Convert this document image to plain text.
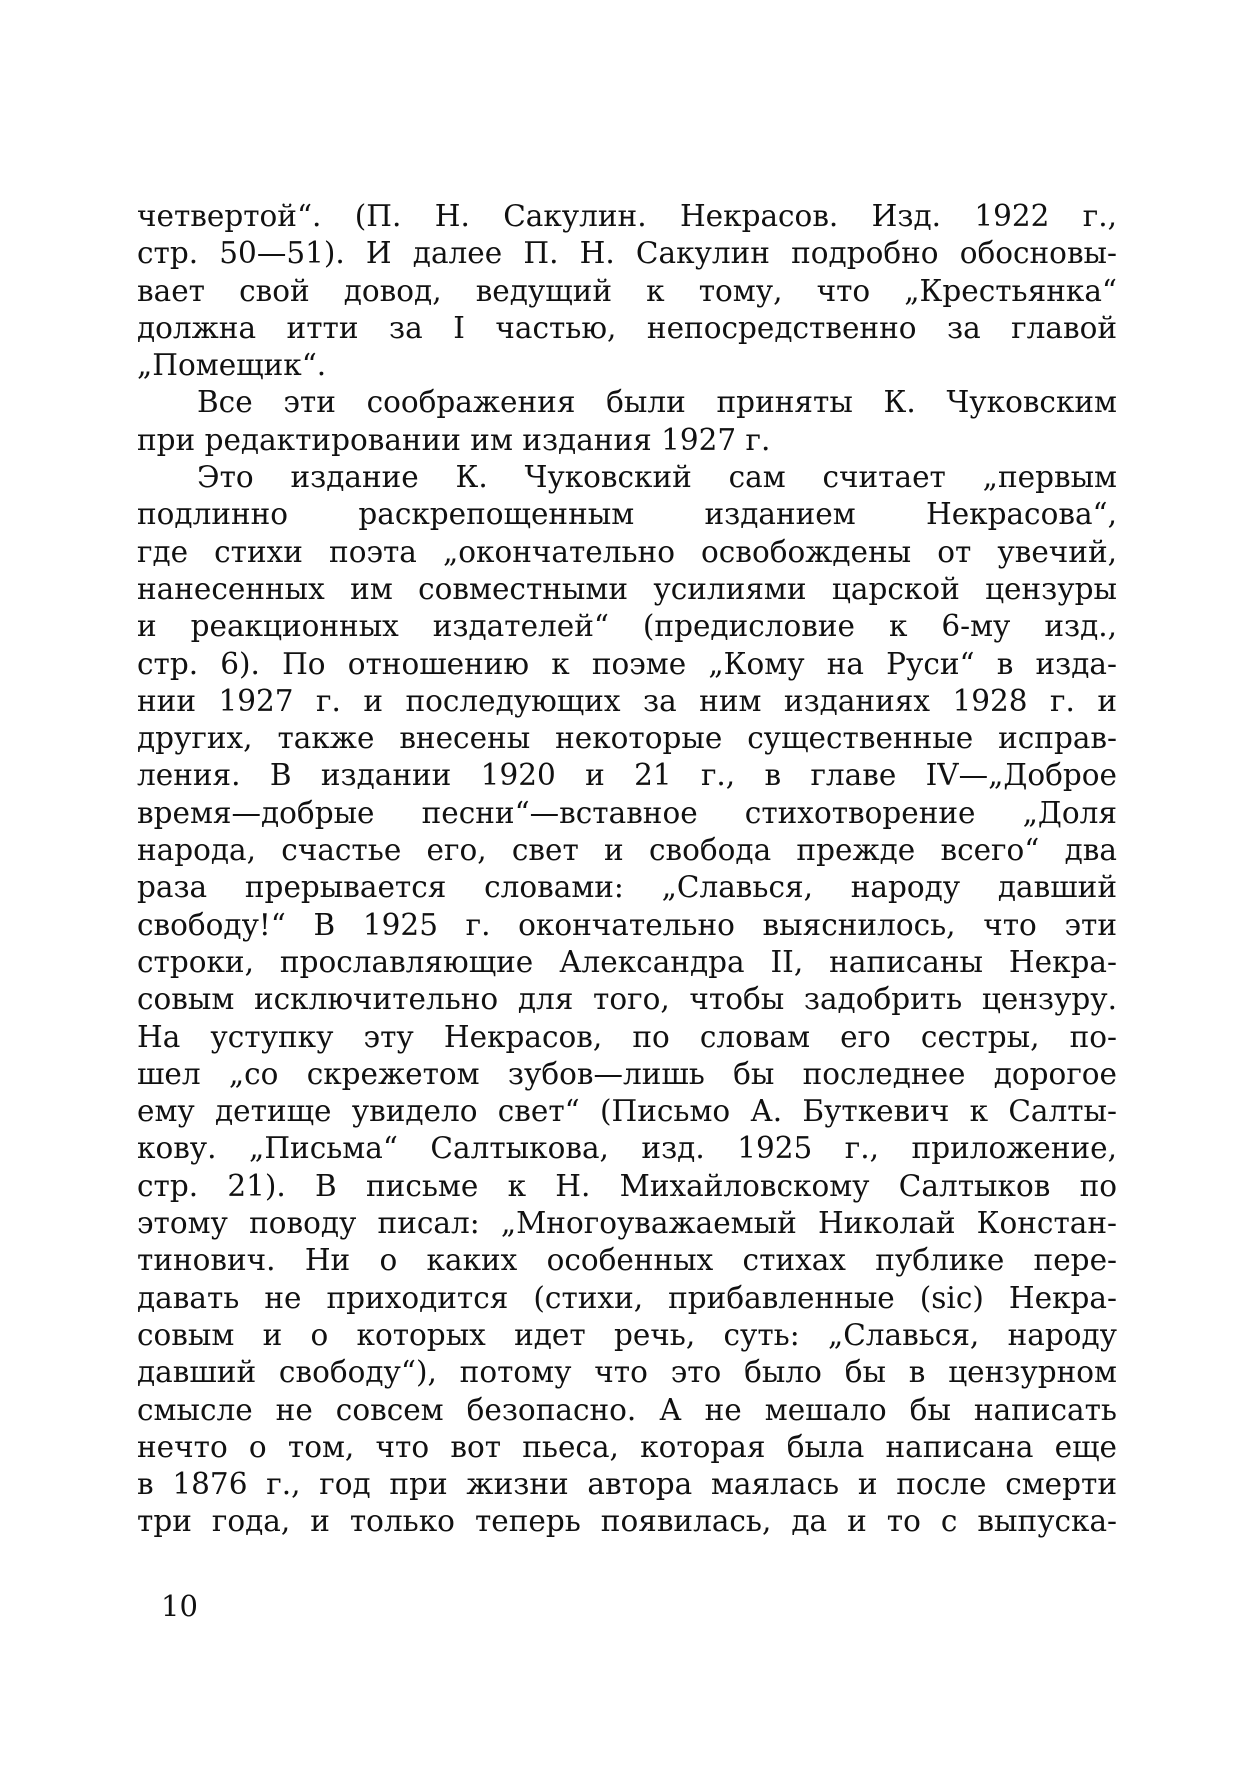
четвертой“. (П. Н. Сакулин. Некрасов. Изд. 1922 г.,
стр. 50—51). И далее П. Н. Сакулин подробно обосновы-
вает свой довод, ведущий к тому, что „Крестьянка“
должна итти за I частью, непосредственно за главой
„Помещик“.
Все эти соображения были приняты К. Чуковским
при редактировании им издания 1927 г.
Это издание К. Чуковский сам считает „первым
подлинно раскрепощенным изданием Некрасова“,
где стихи поэта „окончательно освобождены от увечий,
нанесенных им совместными усилиями царской цензуры
и реакционных издателей“ (предисловие к 6-му изд.,
стр. 6). По отношению к поэме „Кому на Руси“ в изда-
нии 1927 г. и последующих за ним изданиях 1928 г. и
других, также внесены некоторые существенные исправ-
ления. В издании 1920 и 21 г., в главе IV—„Доброе
время—добрые песни“—вставное стихотворение „Доля
народа, счастье его, свет и свобода прежде всего“ два
раза прерывается словами: „Славься, народу давший
свободу!“ В 1925 г. окончательно выяснилось, что эти
строки, прославляющие Александра II, написаны Некра-
совым исключительно для того, чтобы задобрить цензуру.
На уступку эту Некрасов, по словам его сестры, по-
шел „со скрежетом зубов—лишь бы последнее дорогое
ему детище увидело свет“ (Письмо А. Буткевич к Салты-
кову. „Письма“ Салтыкова, изд. 1925 г., приложение,
стр. 21). В письме к Н. Михайловскому Салтыков по
этому поводу писал: „Многоуважаемый Николай Констан-
тинович. Ни о каких особенных стихах публике пере-
давать не приходится (стихи, прибавленные (sic) Некра-
совым и о которых идет речь, суть: „Славься, народу
давший свободу“), потому что это было бы в цензурном
смысле не совсем безопасно. А не мешало бы написать
нечто о том, что вот пьеса, которая была написана еще
в 1876 г., год при жизни автора маялась и после смерти
три года, и только теперь появилась, да и то с выпуска-
10
